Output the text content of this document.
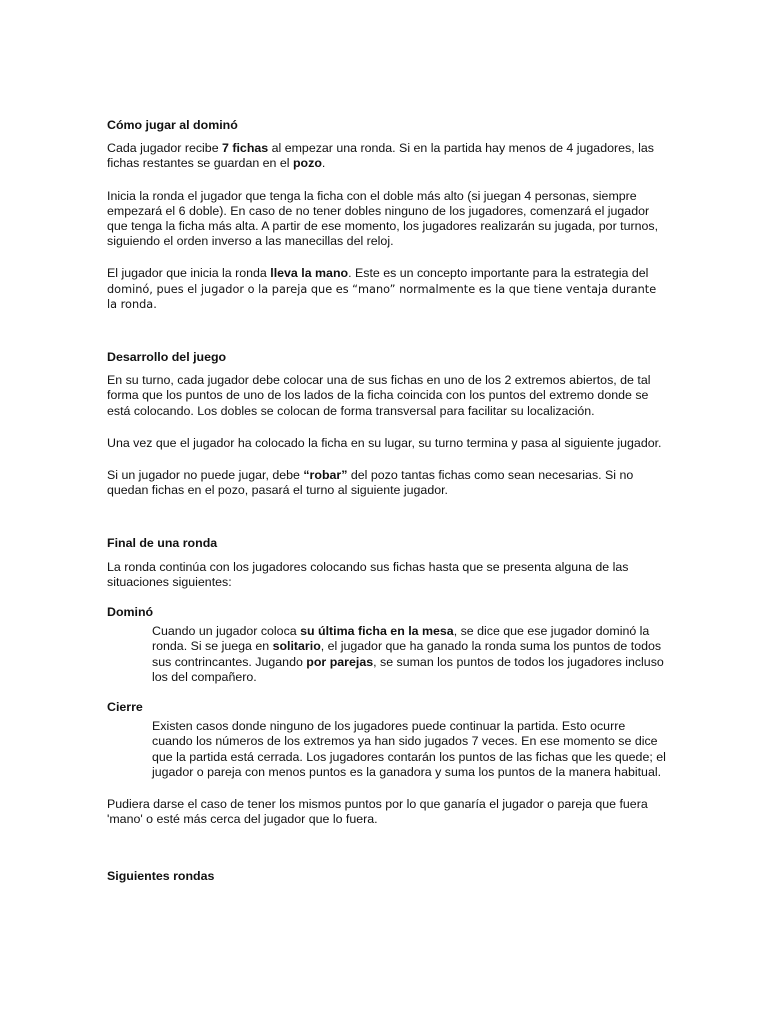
Cómo jugar al dominó

Cada jugador recibe 7 fichas al empezar una ronda. Si en la partida hay menos de 4 jugadores, las fichas restantes se guardan en el pozo.

Inicia la ronda el jugador que tenga la ficha con el doble más alto (si juegan 4 personas, siempre empezará el 6 doble). En caso de no tener dobles ninguno de los jugadores, comenzará el jugador que tenga la ficha más alta. A partir de ese momento, los jugadores realizarán su jugada, por turnos, siguiendo el orden inverso a las manecillas del reloj.

El jugador que inicia la ronda lleva la mano. Este es un concepto importante para la estrategia del dominó, pues el jugador o la pareja que es “mano” normalmente es la que tiene ventaja durante la ronda.

Desarrollo del juego

En su turno, cada jugador debe colocar una de sus fichas en uno de los 2 extremos abiertos, de tal forma que los puntos de uno de los lados de la ficha coincida con los puntos del extremo donde se está colocando. Los dobles se colocan de forma transversal para facilitar su localización.

Una vez que el jugador ha colocado la ficha en su lugar, su turno termina y pasa al siguiente jugador.

Si un jugador no puede jugar, debe “robar” del pozo tantas fichas como sean necesarias. Si no quedan fichas en el pozo, pasará el turno al siguiente jugador.

Final de una ronda

La ronda continúa con los jugadores colocando sus fichas hasta que se presenta alguna de las situaciones siguientes:

Dominó

Cuando un jugador coloca su última ficha en la mesa, se dice que ese jugador dominó la ronda. Si se juega en solitario, el jugador que ha ganado la ronda suma los puntos de todos sus contrincantes. Jugando por parejas, se suman los puntos de todos los jugadores incluso los del compañero.

Cierre

Existen casos donde ninguno de los jugadores puede continuar la partida. Esto ocurre cuando los números de los extremos ya han sido jugados 7 veces. En ese momento se dice que la partida está cerrada. Los jugadores contarán los puntos de las fichas que les quede; el jugador o pareja con menos puntos es la ganadora y suma los puntos de la manera habitual.

Pudiera darse el caso de tener los mismos puntos por lo que ganaría el jugador o pareja que fuera 'mano' o esté más cerca del jugador que lo fuera.

Siguientes rondas
